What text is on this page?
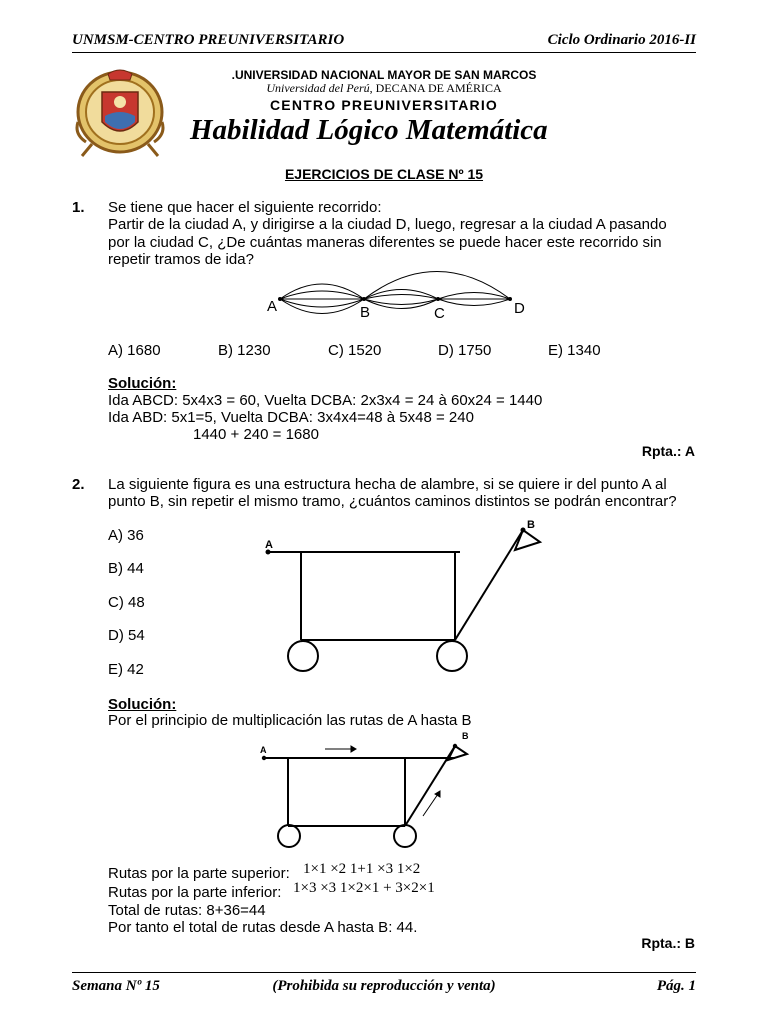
UNMSM-CENTRO PREUNIVERSITARIO	Ciclo Ordinario 2016-II
.UNIVERSIDAD NACIONAL MAYOR DE SAN MARCOS
Universidad del Perú, DECANA DE AMÉRICA
CENTRO PREUNIVERSITARIO
Habilidad Lógico Matemática
EJERCICIOS DE CLASE Nº 15
1. Se tiene que hacer el siguiente recorrido:
Partir de la ciudad A, y dirigirse a la ciudad D, luego, regresar a la ciudad A pasando
por la ciudad C, ¿De cuántas maneras diferentes se puede hacer este recorrido sin
repetir tramos de ida?
A	B	C	D
A) 1680	B) 1230	C) 1520	D) 1750	E) 1340
Solución:
Ida ABCD: 5x4x3 = 60, Vuelta DCBA: 2x3x4 = 24 à 60x24 = 1440
Ida ABD: 5x1=5, Vuelta DCBA: 3x4x4=48 à 5x48 = 240
1440 + 240 = 1680
Rpta.: A
2. La siguiente figura es una estructura hecha de alambre, si se quiere ir del punto A al
punto B, sin repetir el mismo tramo, ¿cuántos caminos distintos se podrán encontrar?
A) 36
B) 44
C) 48
D) 54
E) 42
A
B
Solución:
Por el principio de multiplicación las rutas de A hasta B
A
B
Rutas por la parte superior: 1×1 ×2 1+1 ×3 1×2
Rutas por la parte inferior: 1×3 ×3 1×2×1 + 3×2×1
Total de rutas: 8+36=44
Por tanto el total de rutas desde A hasta B: 44.
Rpta.: B
Semana Nº 15	(Prohibida su reproducción y venta)	Pág. 1
